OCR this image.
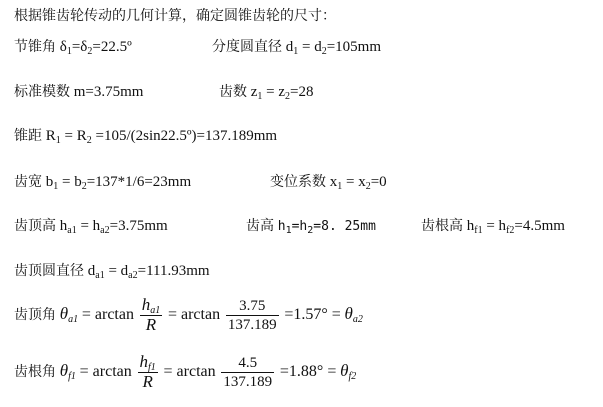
根据锥齿轮传动的几何计算，确定圆锥齿轮的尺寸：
节锥角 $\delta_1=\delta_2=22.5º$	分度圆直径 $d_1 = d_2=105mm$
标准模数 m=3.75mm	齿数 $z_1 = z_2=28$
锥距 $R_1 = R_2$ =105/(2sin22.5º)=137.189mm
齿宽 $b_1 = b_2=137*1/6=23mm$	变位系数 $x_1 = x_2=0$
齿顶高 $h_{a1} = h_{a2}=3.75mm$	齿高 $h_1=h_2=8$. 25mm	齿根高 $h_{f1} = h_{f2}=4.5mm$
齿顶圆直径 $d_{a1} = d_{a2}=111.93mm$
齿顶角 $\theta_{a1} = \arctan \frac{h_{a1}}{R} = \arctan \frac{3.75}{137.189} =1.57^\circ = \theta_{a2}$
齿根角 $\theta_{f1} = \arctan \frac{h_{f1}}{R} = \arctan \frac{4.5}{137.189} =1.88^\circ = \theta_{f2}$
